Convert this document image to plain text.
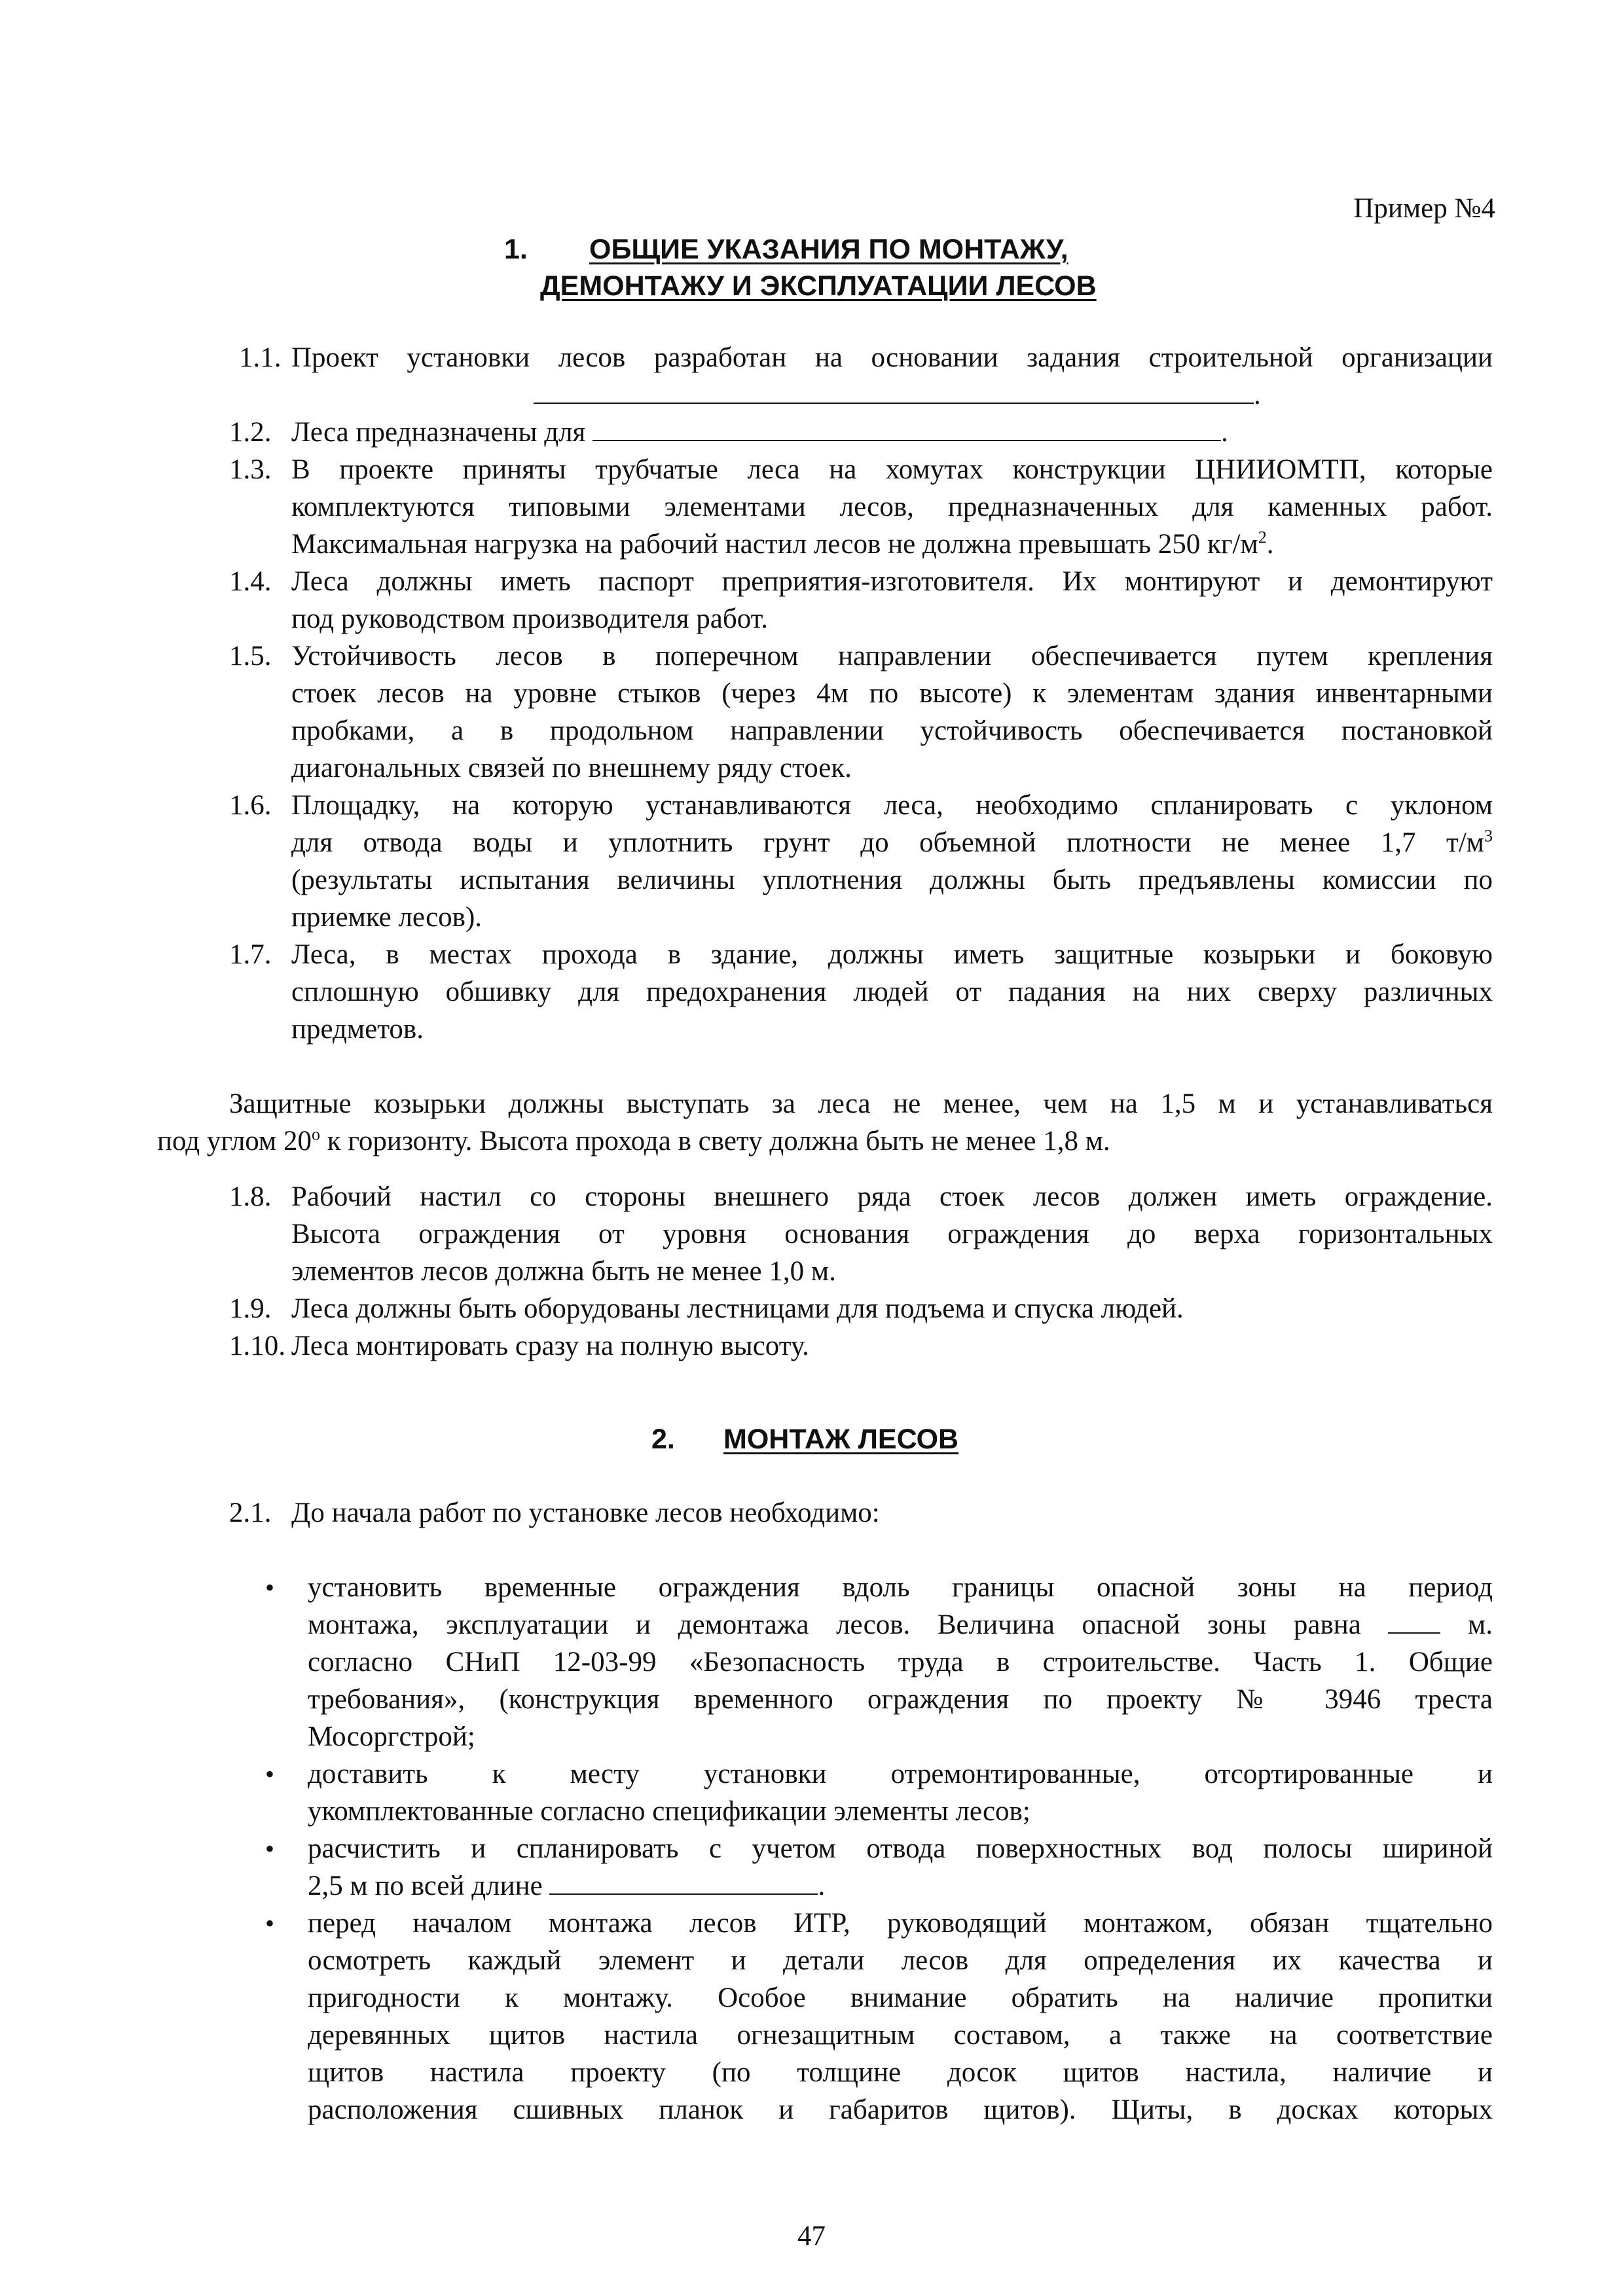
Пример №4
1. ОБЩИЕ УКАЗАНИЯ ПО МОНТАЖУ,
ДЕМОНТАЖУ И ЭКСПЛУАТАЦИИ ЛЕСОВ
1.1. Проект установки лесов разработан на основании задания строительной организации
.
1.2. Леса предназначены для	.
1.3. В проекте приняты трубчатые леса на хомутах конструкции ЦНИИОМТП, которые
комплектуются типовыми элементами лесов, предназначенных для каменных работ.
Максимальная нагрузка на рабочий настил лесов не должна превышать 250 $кг/м^2$.
1.4. Леса должны иметь паспорт преприятия-изготовителя. Их монтируют и демонтируют
под руководством производителя работ.
1.5. Устойчивость лесов в поперечном направлении обеспечивается путем крепления
стоек лесов на уровне стыков (через 4м по высоте) к элементам здания инвентарными
пробками, а в продольном направлении устойчивость обеспечивается постановкой
диагональных связей по внешнему ряду стоек.
1.6. Площадку, на которую устанавливаются леса, необходимо спланировать с уклоном
для отвода воды и уплотнить грунт до объемной плотности не менее 1,7 $т/м^3$
(результаты испытания величины уплотнения должны быть предъявлены комиссии по
приемке лесов).
1.7. Леса, в местах прохода в здание, должны иметь защитные козырьки и боковую
сплошную обшивку для предохранения людей от падания на них сверху различных
предметов.
Защитные козырьки должны выступать за леса не менее, чем на 1,5 м и устанавливаться
под углом $20^о$ к горизонту. Высота прохода в свету должна быть не менее 1,8 м.
1.8. Рабочий настил со стороны внешнего ряда стоек лесов должен иметь ограждение.
Высота ограждения от уровня основания ограждения до верха горизонтальных
элементов лесов должна быть не менее 1,0 м.
1.9. Леса должны быть оборудованы лестницами для подъема и спуска людей.
1.10. Леса монтировать сразу на полную высоту.
2. МОНТАЖ ЛЕСОВ
2.1. До начала работ по установке лесов необходимо:
• установить временные ограждения вдоль границы опасной зоны на период
монтажа, эксплуатации и демонтажа лесов. Величина опасной зоны равна	м.
согласно СНиП 12-03-99 «Безопасность труда в строительстве. Часть 1. Общие
требования», (конструкция временного ограждения по проекту № 3946 треста
Мосоргстрой;
• доставить к месту установки отремонтированные, отсортированные и
укомплектованные согласно спецификации элементы лесов;
• расчистить и спланировать с учетом отвода поверхностных вод полосы шириной
2,5 м по всей длине	.
• перед началом монтажа лесов ИТР, руководящий монтажом, обязан тщательно
осмотреть каждый элемент и детали лесов для определения их качества и
пригодности к монтажу. Особое внимание обратить на наличие пропитки
деревянных щитов настила огнезащитным составом, а также на соответствие
щитов настила проекту (по толщине досок щитов настила, наличие и
расположения сшивных планок и габаритов щитов). Щиты, в досках которых
47
